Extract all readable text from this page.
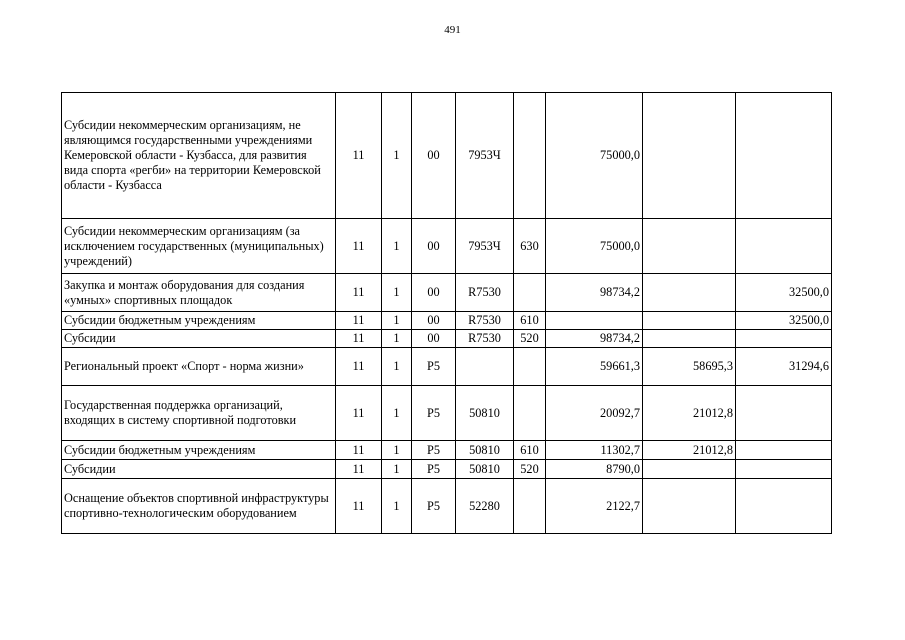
491
Субсидии некоммерческим организациям, не являющимся государственными учреждениями Кемеровской области - Кузбасса, для развития вида спорта «регби» на территории Кемеровской области - Кузбасса	11	1	00	7953Ч		75000,0		
Субсидии некоммерческим организациям (за исключением государственных (муниципальных) учреждений)	11	1	00	7953Ч	630	75000,0		
Закупка и монтаж оборудования для создания «умных» спортивных площадок	11	1	00	R7530		98734,2		32500,0
Субсидии бюджетным учреждениям	11	1	00	R7530	610			32500,0
Субсидии	11	1	00	R7530	520	98734,2		
Региональный проект «Спорт - норма жизни»	11	1	P5			59661,3	58695,3	31294,6
Государственная поддержка организаций, входящих в систему спортивной подготовки	11	1	P5	50810		20092,7	21012,8	
Субсидии бюджетным учреждениям	11	1	P5	50810	610	11302,7	21012,8	
Субсидии	11	1	P5	50810	520	8790,0		
Оснащение объектов спортивной инфраструктуры спортивно-технологическим оборудованием	11	1	P5	52280		2122,7		
